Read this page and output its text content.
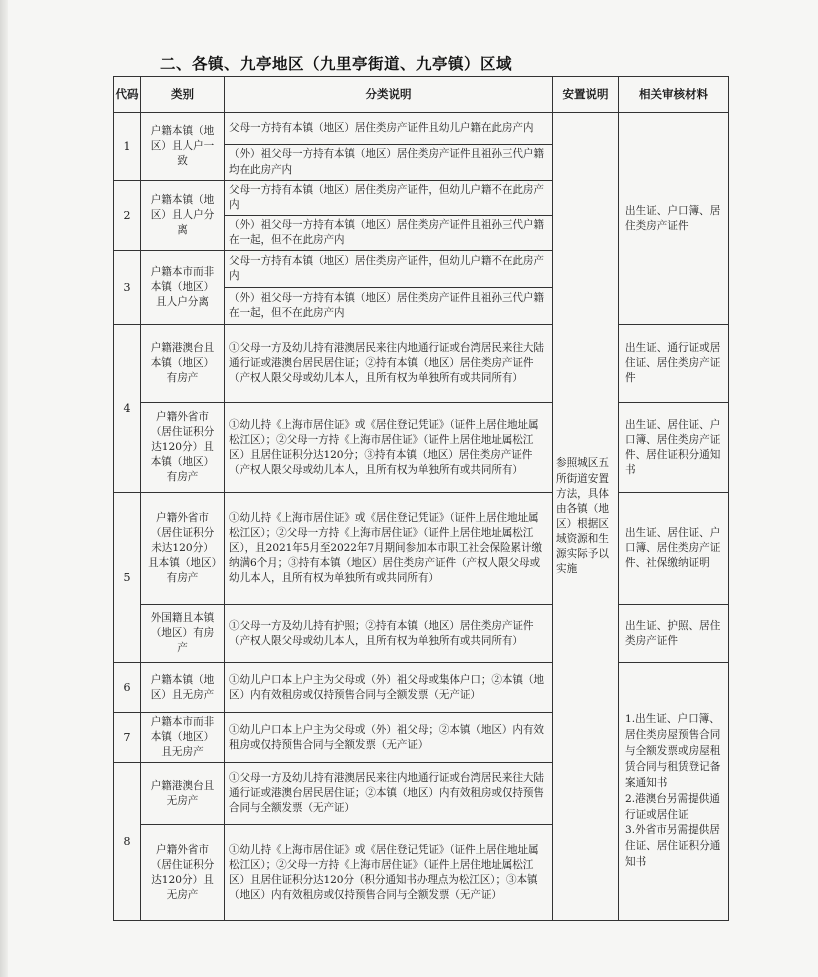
二、各镇、九亭地区（九里亭街道、九亭镇）区域
代码	类别	分类说明	安置说明	相关审核材料
1	户籍本镇（地区）且人户一致	父母一方持有本镇（地区）居住类房产证件且幼儿户籍在此房产内	参照城区五所街道安置方法，具体由各镇（地区）根据区域资源和生源实际予以实施	出生证、户口簿、居住类房产证件
		（外）祖父母一方持有本镇（地区）居住类房产证件且祖孙三代户籍均在此房产内		
2	户籍本镇（地区）且人户分离	父母一方持有本镇（地区）居住类房产证件，但幼儿户籍不在此房产内		
		（外）祖父母一方持有本镇（地区）居住类房产证件且祖孙三代户籍在一起，但不在此房产内		
3	户籍本市而非本镇（地区）且人户分离	父母一方持有本镇（地区）居住类房产证件，但幼儿户籍不在此房产内		
		（外）祖父母一方持有本镇（地区）居住类房产证件且祖孙三代户籍在一起，但不在此房产内		
4	户籍港澳台且本镇（地区）有房产	①父母一方及幼儿持有港澳居民来往内地通行证或台湾居民来往大陆通行证或港澳台居民居住证；②持有本镇（地区）居住类房产证件（产权人限父母或幼儿本人，且所有权为单独所有或共同所有）		出生证、通行证或居住证、居住类房产证件
	户籍外省市（居住证积分达120分）且本镇（地区）有房产	①幼儿持《上海市居住证》或《居住登记凭证》（证件上居住地址属松江区）；②父母一方持《上海市居住证》（证件上居住地址属松江区）且居住证积分达120分；③持有本镇（地区）居住类房产证件（产权人限父母或幼儿本人，且所有权为单独所有或共同所有）		出生证、居住证、户口簿、居住类房产证件、居住证积分通知书
5	户籍外省市（居住证积分未达120分）且本镇（地区）有房产	①幼儿持《上海市居住证》或《居住登记凭证》（证件上居住地址属松江区）；②父母一方持《上海市居住证》（证件上居住地址属松江区），且2021年5月至2022年7月期间参加本市职工社会保险累计缴纳满6个月；③持有本镇（地区）居住类房产证件（产权人限父母或幼儿本人，且所有权为单独所有或共同所有）		出生证、居住证、户口簿、居住类房产证件、社保缴纳证明
	外国籍且本镇（地区）有房产	①父母一方及幼儿持有护照；②持有本镇（地区）居住类房产证件（产权人限父母或幼儿本人，且所有权为单独所有或共同所有）		出生证、护照、居住类房产证件
6	户籍本镇（地区）且无房产	①幼儿户口本上户主为父母或（外）祖父母或集体户口；②本镇（地区）内有效租房或仅持预售合同与全额发票（无产证）		1.出生证、户口簿、居住类房屋预售合同与全额发票或房屋租赁合同与租赁登记备案通知书
2.港澳台另需提供通行证或居住证
3.外省市另需提供居住证、居住证积分通知书
7	户籍本市而非本镇（地区）且无房产	①幼儿户口本上户主为父母或（外）祖父母；②本镇（地区）内有效租房或仅持预售合同与全额发票（无产证）		
8	户籍港澳台且无房产	①父母一方及幼儿持有港澳居民来往内地通行证或台湾居民来往大陆通行证或港澳台居民居住证；②本镇（地区）内有效租房或仅持预售合同与全额发票（无产证）		
	户籍外省市（居住证积分达120分）且无房产	①幼儿持《上海市居住证》或《居住登记凭证》（证件上居住地址属松江区）；②父母一方持《上海市居住证》（证件上居住地址属松江区）且居住证积分达120分（积分通知书办理点为松江区）；③本镇（地区）内有效租房或仅持预售合同与全额发票（无产证）		
